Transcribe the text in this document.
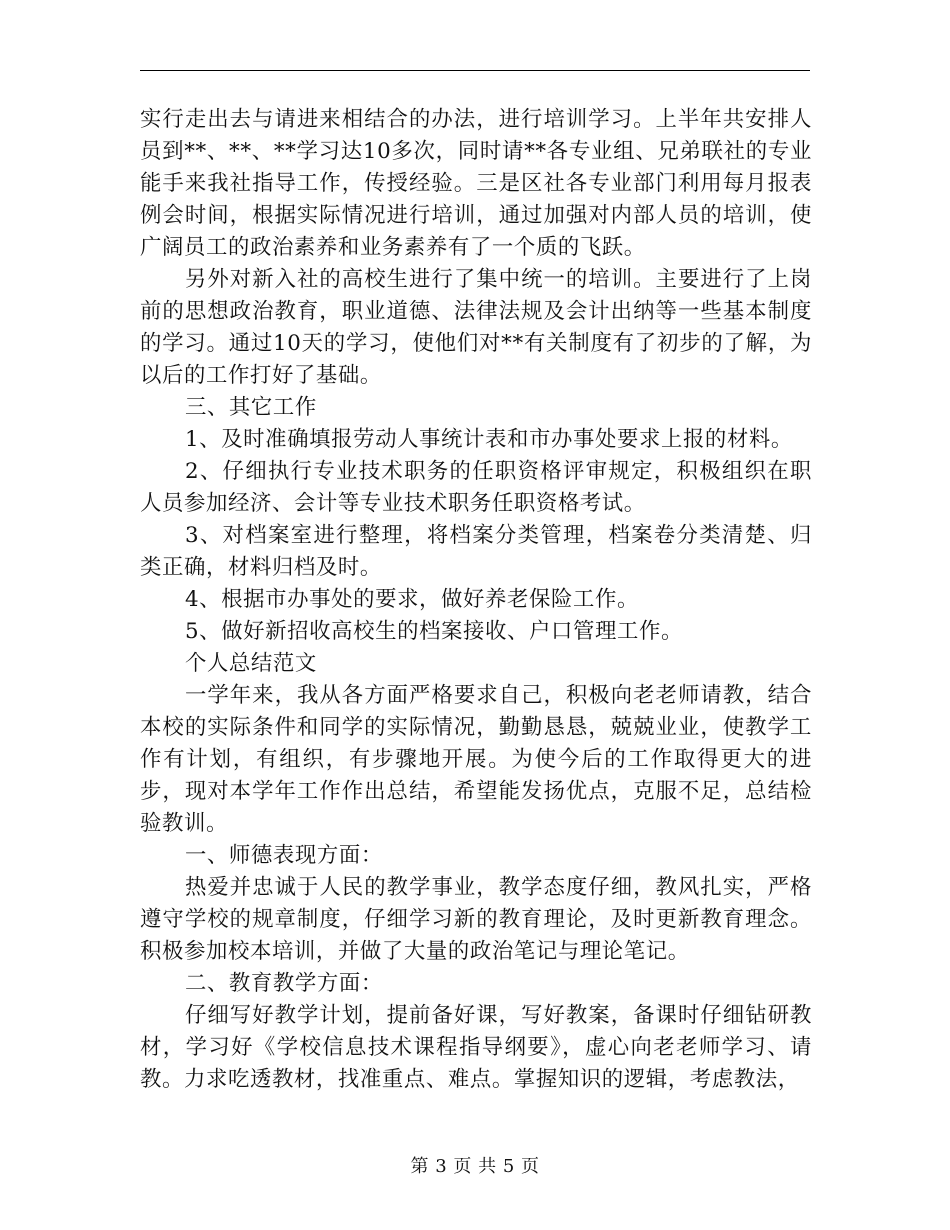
实行走出去与请进来相结合的办法，进行培训学习。上半年共安排人员到**、**、**学习达10多次，同时请**各专业组、兄弟联社的专业能手来我社指导工作，传授经验。三是区社各专业部门利用每月报表例会时间，根据实际情况进行培训，通过加强对内部人员的培训，使广阔员工的政治素养和业务素养有了一个质的飞跃。

另外对新入社的高校生进行了集中统一的培训。主要进行了上岗前的思想政治教育，职业道德、法律法规及会计出纳等一些基本制度的学习。通过10天的学习，使他们对**有关制度有了初步的了解，为以后的工作打好了基础。

三、其它工作

1、及时准确填报劳动人事统计表和市办事处要求上报的材料。

2、仔细执行专业技术职务的任职资格评审规定，积极组织在职人员参加经济、会计等专业技术职务任职资格考试。

3、对档案室进行整理，将档案分类管理，档案卷分类清楚、归类正确，材料归档及时。

4、根据市办事处的要求，做好养老保险工作。

5、做好新招收高校生的档案接收、户口管理工作。

个人总结范文

一学年来，我从各方面严格要求自己，积极向老老师请教，结合本校的实际条件和同学的实际情况，勤勤恳恳，兢兢业业，使教学工作有计划，有组织，有步骤地开展。为使今后的工作取得更大的进步，现对本学年工作作出总结，希望能发扬优点，克服不足，总结检验教训。

一、师德表现方面：

热爱并忠诚于人民的教学事业，教学态度仔细，教风扎实，严格遵守学校的规章制度，仔细学习新的教育理论，及时更新教育理念。积极参加校本培训，并做了大量的政治笔记与理论笔记。

二、教育教学方面：

仔细写好教学计划，提前备好课，写好教案，备课时仔细钻研教材，学习好《学校信息技术课程指导纲要》，虚心向老老师学习、请教。力求吃透教材，找准重点、难点。掌握知识的逻辑，考虑教法，

第 3 页 共 5 页
